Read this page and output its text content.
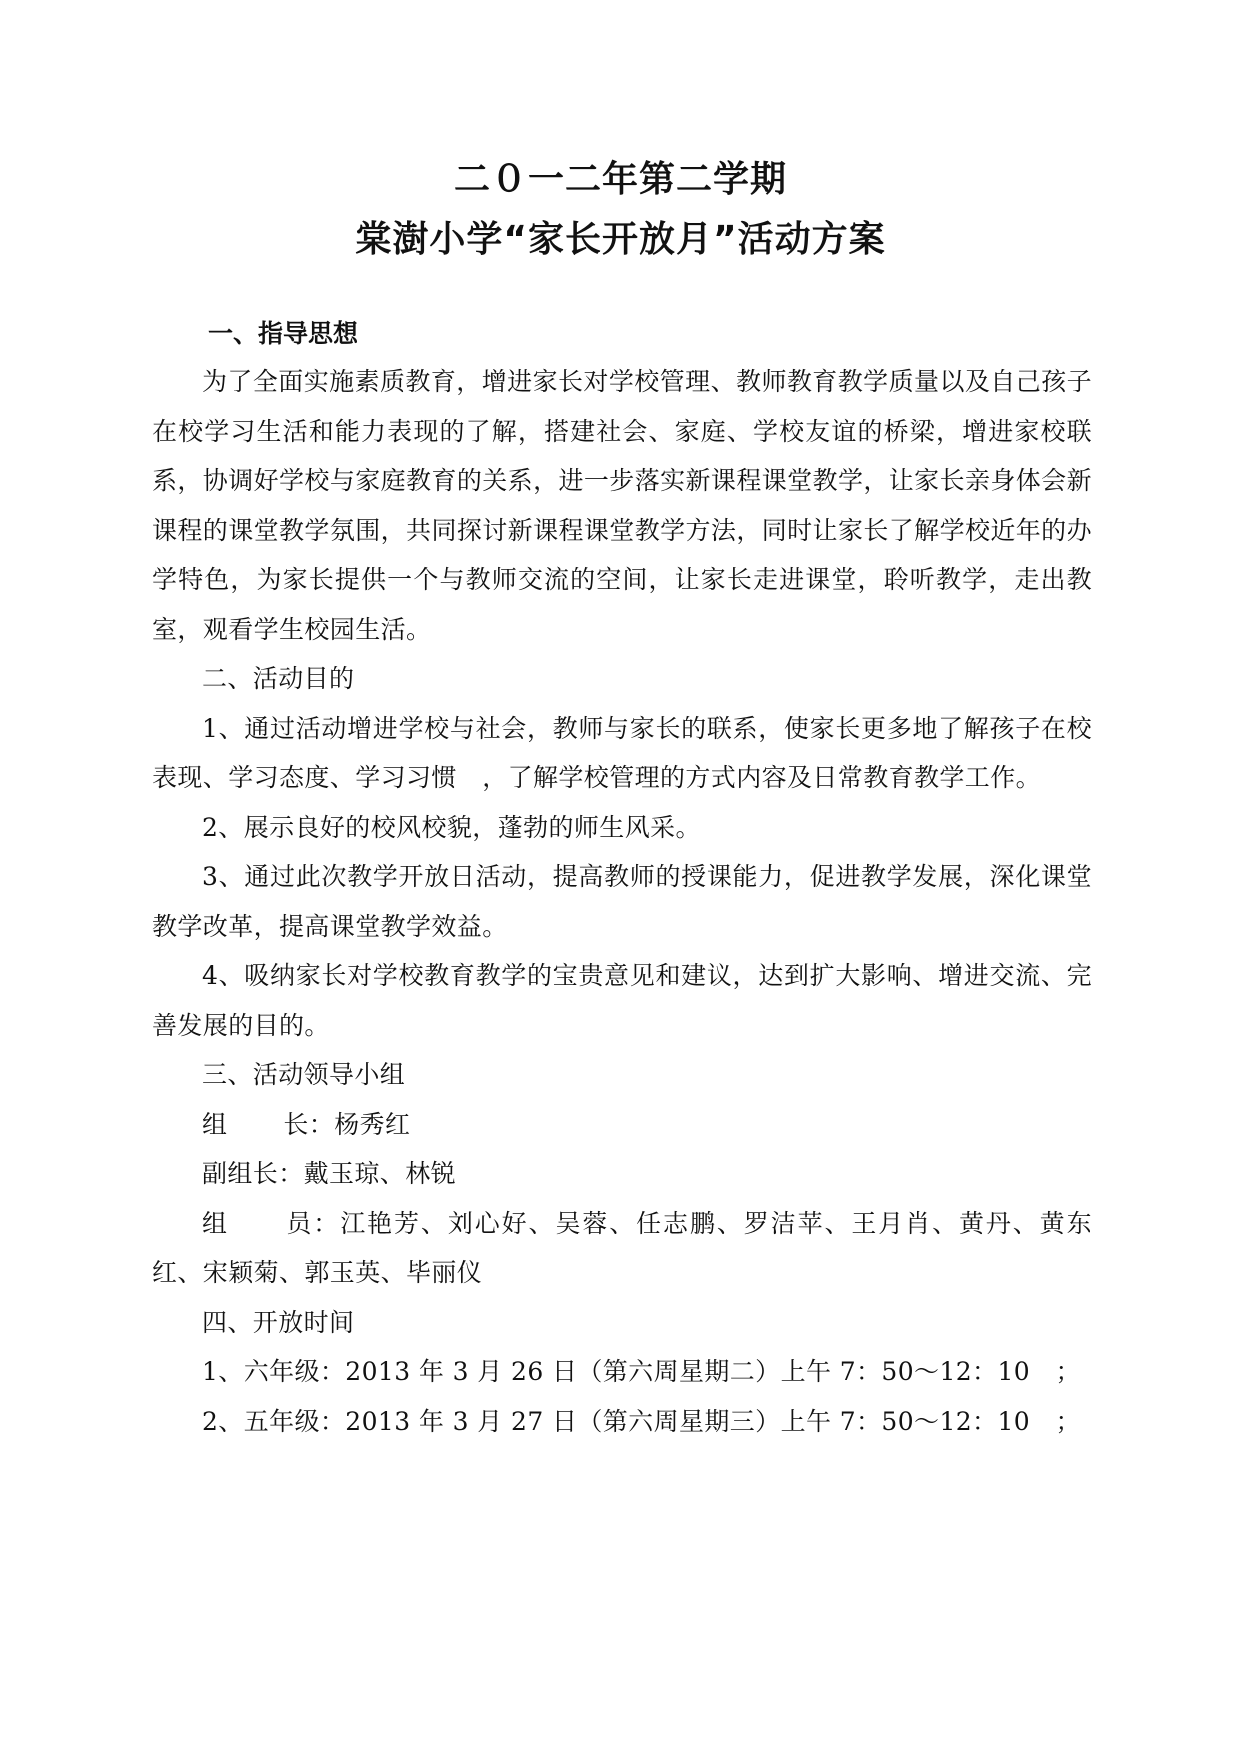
二０一二年第二学期
棠澍小学“家长开放月”活动方案
一、指导思想

为了全面实施素质教育，增进家长对学校管理、教师教育教学质量以及自己孩子在校学习生活和能力表现的了解，搭建社会、家庭、学校友谊的桥梁，增进家校联系，协调好学校与家庭教育的关系，进一步落实新课程课堂教学，让家长亲身体会新课程的课堂教学氛围，共同探讨新课程课堂教学方法，同时让家长了解学校近年的办学特色，为家长提供一个与教师交流的空间，让家长走进课堂，聆听教学，走出教室，观看学生校园生活。

二、活动目的

1、通过活动增进学校与社会，教师与家长的联系，使家长更多地了解孩子在校表现、学习态度、学习习惯　，了解学校管理的方式内容及日常教育教学工作。

2、展示良好的校风校貌，蓬勃的师生风采。

3、通过此次教学开放日活动，提高教师的授课能力，促进教学发展，深化课堂教学改革，提高课堂教学效益。

4、吸纳家长对学校教育教学的宝贵意见和建议，达到扩大影响、增进交流、完善发展的目的。

三、活动领导小组

组 长：杨秀红

副组长：戴玉琼、林锐

组 员：江艳芳、刘心好、吴蓉、任志鹏、罗洁苹、王月肖、黄丹、黄东红、宋颖菊、郭玉英、毕丽仪

四、开放时间

1、六年级：2013 年 3 月 26 日（第六周星期二）上午 7：50～12：10　；

2、五年级：2013 年 3 月 27 日（第六周星期三）上午 7：50～12：10　；
